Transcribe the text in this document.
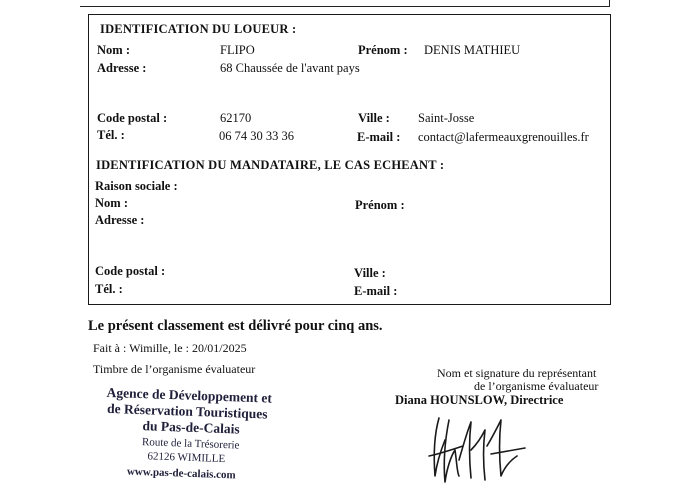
IDENTIFICATION DU LOUEUR :
Nom :	FLIPO	Prénom : DENIS MATHIEU
Adresse :	68 Chaussée de l'avant pays
Code postal :	62170	Ville : Saint-Josse
Tél. :	06 74 30 33 36	E-mail : contact@lafermeauxgrenouilles.fr
IDENTIFICATION DU MANDATAIRE, LE CAS ECHEANT :
Raison sociale :
Nom :	Prénom :
Adresse :
Code postal :	Ville :
Tél. :	E-mail :
Le présent classement est délivré pour cinq ans.
Fait à : Wimille, le : 20/01/2025
Timbre de l’organisme évaluateur	Nom et signature du représentant
de l’organisme évaluateur
Diana HOUNSLOW, Directrice
Agence de Développement et
de Réservation Touristiques
du Pas-de-Calais
Route de la Trésorerie
62126 WIMILLE
www.pas-de-calais.com
